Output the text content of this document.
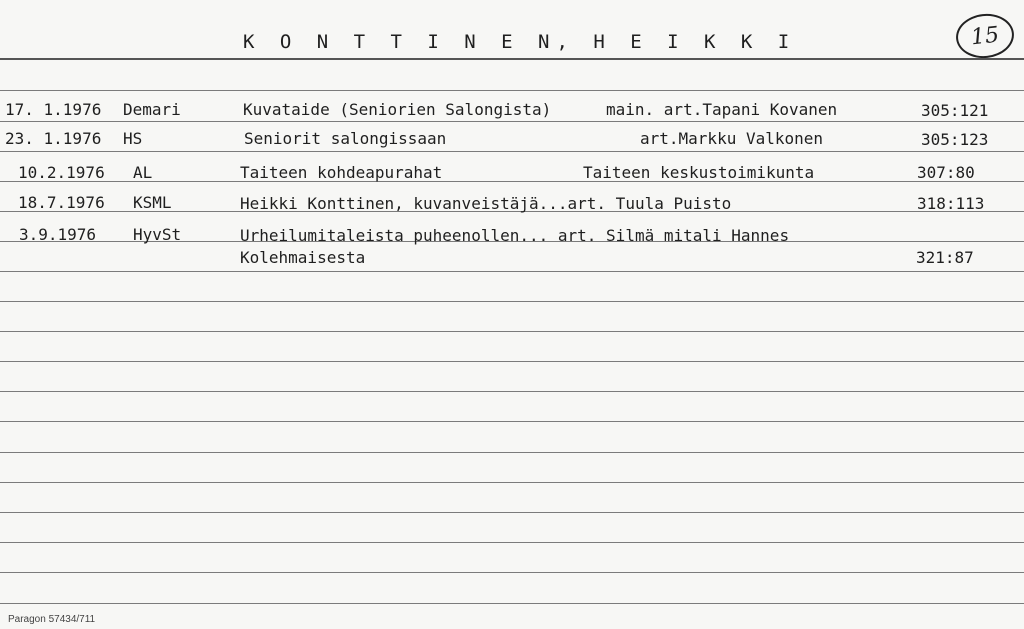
K O N T T I N E N, H E I K K I	15
17. 1.1976 Demari	Kuvataide (Seniorien Salongista)	main. art.Tapani Kovanen	305:121
23. 1.1976 HS	Seniorit salongissaan	art.Markku Valkonen	305:123
10.2.1976 AL	Taiteen kohdeapurahat	Taiteen keskustoimikunta	307:80
18.7.1976 KSML	Heikki Konttinen, kuvanveistäjä...art. Tuula Puisto	318:113
3.9.1976 HyvSt	Urheilumitaleista puheenollen... art. Silmä mitali Hannes
Kolehmaisesta	321:87
Paragon 57434/711
